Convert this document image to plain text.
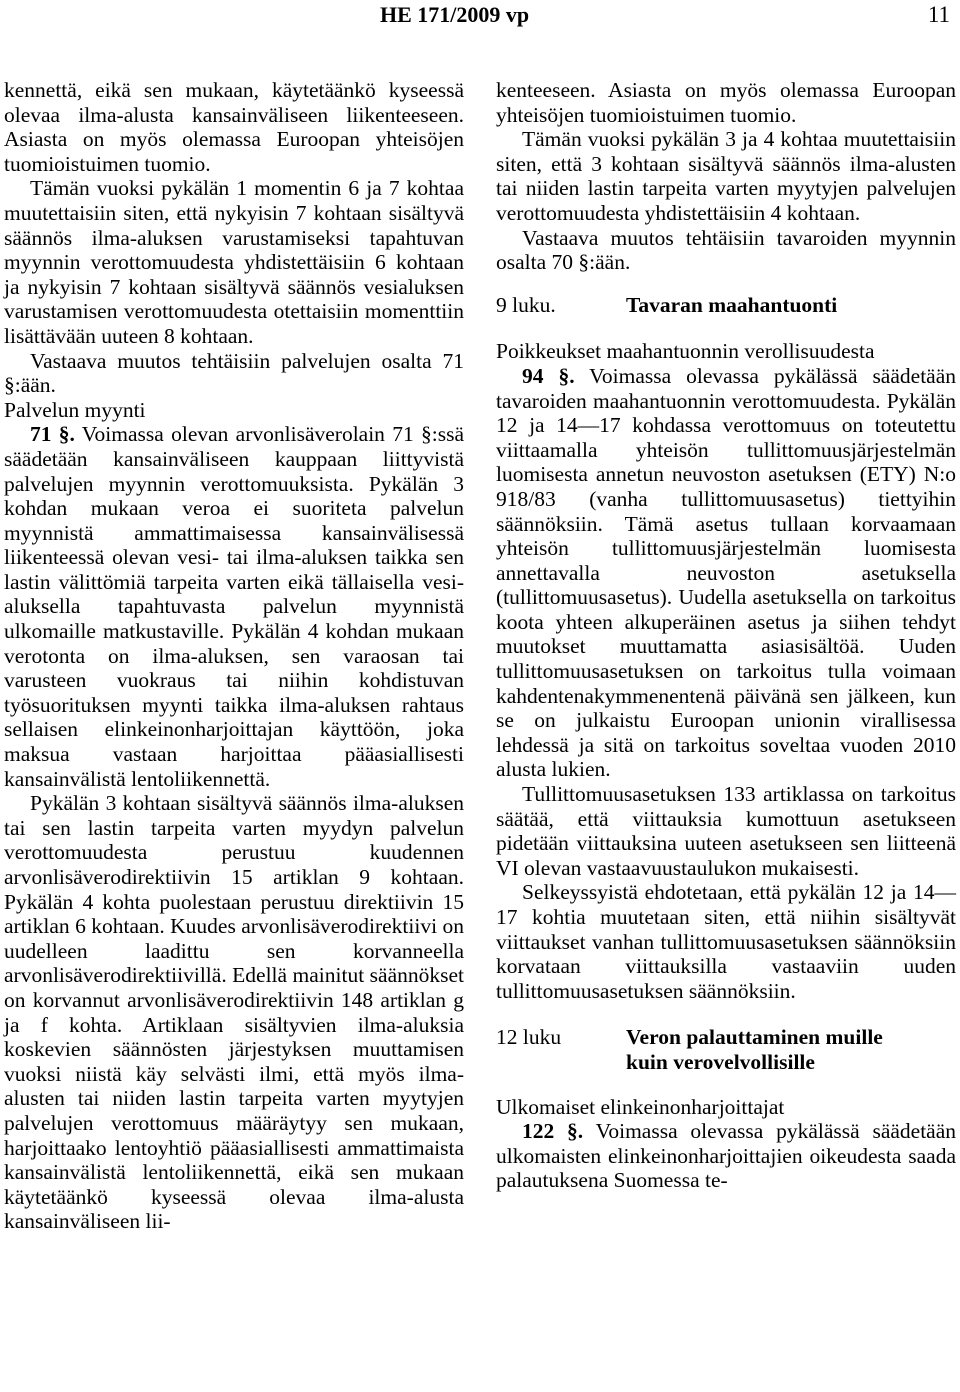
HE 171/2009 vp	11

kennettä, eikä sen mukaan, käytetäänkö kyseessä olevaa ilma-alusta kansainväliseen liikenteeseen. Asiasta on myös olemassa Euroopan yhteisöjen tuomioistuimen tuomio.

Tämän vuoksi pykälän 1 momentin 6 ja 7 kohtaa muutettaisiin siten, että nykyisin 7 kohtaan sisältyvä säännös ilma-aluksen varustamiseksi tapahtuvan myynnin verottomuudesta yhdistettäisiin 6 kohtaan ja nykyisin 7 kohtaan sisältyvä säännös vesialuksen varustamisen verottomuudesta otettaisiin momenttiin lisättävään uuteen 8 kohtaan.

Vastaava muutos tehtäisiin palvelujen osalta 71 §:ään.

Palvelun myynti

71 §. Voimassa olevan arvonlisäverolain 71 §:ssä säädetään kansainväliseen kauppaan liittyvistä palvelujen myynnin verottomuuksista. Pykälän 3 kohdan mukaan veroa ei suoriteta palvelun myynnistä ammattimaisessa kansainvälisessä liikenteessä olevan vesi- tai ilma-aluksen taikka sen lastin välittömiä tarpeita varten eikä tällaisella vesi-aluksella tapahtuvasta palvelun myynnistä ulkomaille matkustaville. Pykälän 4 kohdan mukaan verotonta on ilma-aluksen, sen varaosan tai varusteen vuokraus tai niihin kohdistuvan työsuorituksen myynti taikka ilma-aluksen rahtaus sellaisen elinkeinonharjoittajan käyttöön, joka maksua vastaan harjoittaa pääasiallisesti kansainvälistä lentoliikennettä.

Pykälän 3 kohtaan sisältyvä säännös ilma-aluksen tai sen lastin tarpeita varten myydyn palvelun verottomuudesta perustuu kuudennen arvonlisäverodirektiivin 15 artiklan 9 kohtaan. Pykälän 4 kohta puolestaan perustuu direktiivin 15 artiklan 6 kohtaan. Kuudes arvonlisäverodirektiivi on uudelleen laadittu sen korvanneella arvonlisäverodirektiivillä. Edellä mainitut säännökset on korvannut arvonlisäverodirektiivin 148 artiklan g ja f kohta. Artiklaan sisältyvien ilma-aluksia koskevien säännösten järjestyksen muuttamisen vuoksi niistä käy selvästi ilmi, että myös ilma-alusten tai niiden lastin tarpeita varten myytyjen palvelujen verottomuus määräytyy sen mukaan, harjoittaako lentoyhtiö pääasiallisesti ammattimaista kansainvälistä lentoliikennettä, eikä sen mukaan käytetäänkö kyseessä olevaa ilma-alusta kansainväliseen lii-

kenteeseen. Asiasta on myös olemassa Euroopan yhteisöjen tuomioistuimen tuomio.

Tämän vuoksi pykälän 3 ja 4 kohtaa muutettaisiin siten, että 3 kohtaan sisältyvä säännös ilma-alusten tai niiden lastin tarpeita varten myytyjen palvelujen verottomuudesta yhdistettäisiin 4 kohtaan.

Vastaava muutos tehtäisiin tavaroiden myynnin osalta 70 §:ään.

9 luku.	Tavaran maahantuonti

Poikkeukset maahantuonnin verollisuudesta

94 §. Voimassa olevassa pykälässä säädetään tavaroiden maahantuonnin verottomuudesta. Pykälän 12 ja 14—17 kohdassa verottomuus on toteutettu viittaamalla yhteisön tullittomuusjärjestelmän luomisesta annetun neuvoston asetuksen (ETY) N:o 918/83 (vanha tullittomuusasetus) tiettyihin säännöksiin. Tämä asetus tullaan korvaamaan yhteisön tullittomuusjärjestelmän luomisesta annettavalla neuvoston asetuksella (tullittomuusasetus). Uudella asetuksella on tarkoitus koota yhteen alkuperäinen asetus ja siihen tehdyt muutokset muuttamatta asiasisältöä. Uuden tullittomuusasetuksen on tarkoitus tulla voimaan kahdentenakymmenentenä päivänä sen jälkeen, kun se on julkaistu Euroopan unionin virallisessa lehdessä ja sitä on tarkoitus soveltaa vuoden 2010 alusta lukien.

Tullittomuusasetuksen 133 artiklassa on tarkoitus säätää, että viittauksia kumottuun asetukseen pidetään viittauksina uuteen asetukseen sen liitteenä VI olevan vastaavuustaulukon mukaisesti.

Selkeyssyistä ehdotetaan, että pykälän 12 ja 14—17 kohtia muutetaan siten, että niihin sisältyvät viittaukset vanhan tullittomuusasetuksen säännöksiin korvataan viittauksilla vastaaviin uuden tullittomuusasetuksen säännöksiin.

12 luku	Veron palauttaminen muille
kuin verovelvollisille

Ulkomaiset elinkeinonharjoittajat

122 §. Voimassa olevassa pykälässä säädetään ulkomaisten elinkeinonharjoittajien oikeudesta saada palautuksena Suomessa te-
